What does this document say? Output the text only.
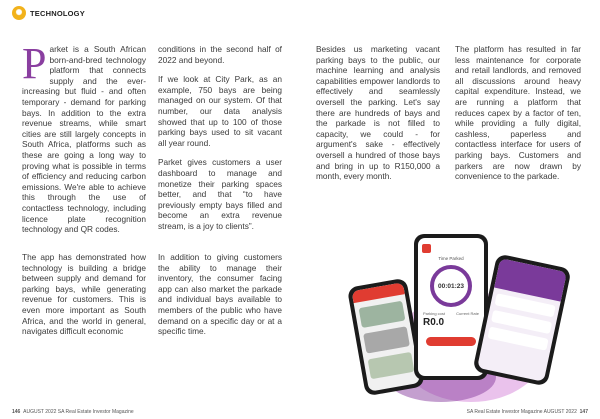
✺	TECHNOLOGY

Parket is a South African born-and-bred technology platform that connects supply and the ever-increasing but fluid - and often temporary - demand for parking bays. In addition to the extra revenue streams, while smart cities are still largely concepts in South Africa, platforms such as these are going a long way to proving what is possible in terms of efficiency and reducing carbon emissions. We're able to achieve this through the use of contactless technology, including licence plate recognition technology and QR codes.

The app has demonstrated how technology is building a bridge between supply and demand for parking bays, while generating revenue for customers. This is even more important as South Africa, and the world in general, navigates difficult economic

conditions in the second half of 2022 and beyond.

If we look at City Park, as an example, 750 bays are being managed on our system. Of that number, our data analysis showed that up to 100 of those parking bays used to sit vacant all year round.

Parket gives customers a user dashboard to manage and monetize their parking spaces better, and that “to have previously empty bays filled and become an extra revenue stream, is a joy to clients”.

In addition to giving customers the ability to manage their inventory, the consumer facing app can also market the parkade and individual bays available to members of the public who have demand on a specific day or at a specific time.

Besides us marketing vacant parking bays to the public, our machine learning and analysis capabilities empower landlords to effectively and seamlessly oversell the parking. Let's say there are hundreds of bays and the parkade is not filled to capacity, we could - for argument's sake - effectively oversell a hundred of those bays and bring in up to R150,000 a month, every month.

The platform has resulted in far less maintenance for corporate and retail landlords, and removed all discussions around heavy capital expenditure. Instead, we are running a platform that reduces capex by a factor of ten, while providing a fully digital, cashless, paperless and contactless interface for users of parking bays. Customers and parkers are now drawn by convenience to the parkade.

Time Parked
00:01:23
Parking cost	Current Rate
R0.0
146 AUGUST 2022 SA Real Estate Investor Magazine	SA Real Estate Investor Magazine AUGUST 2022 147
